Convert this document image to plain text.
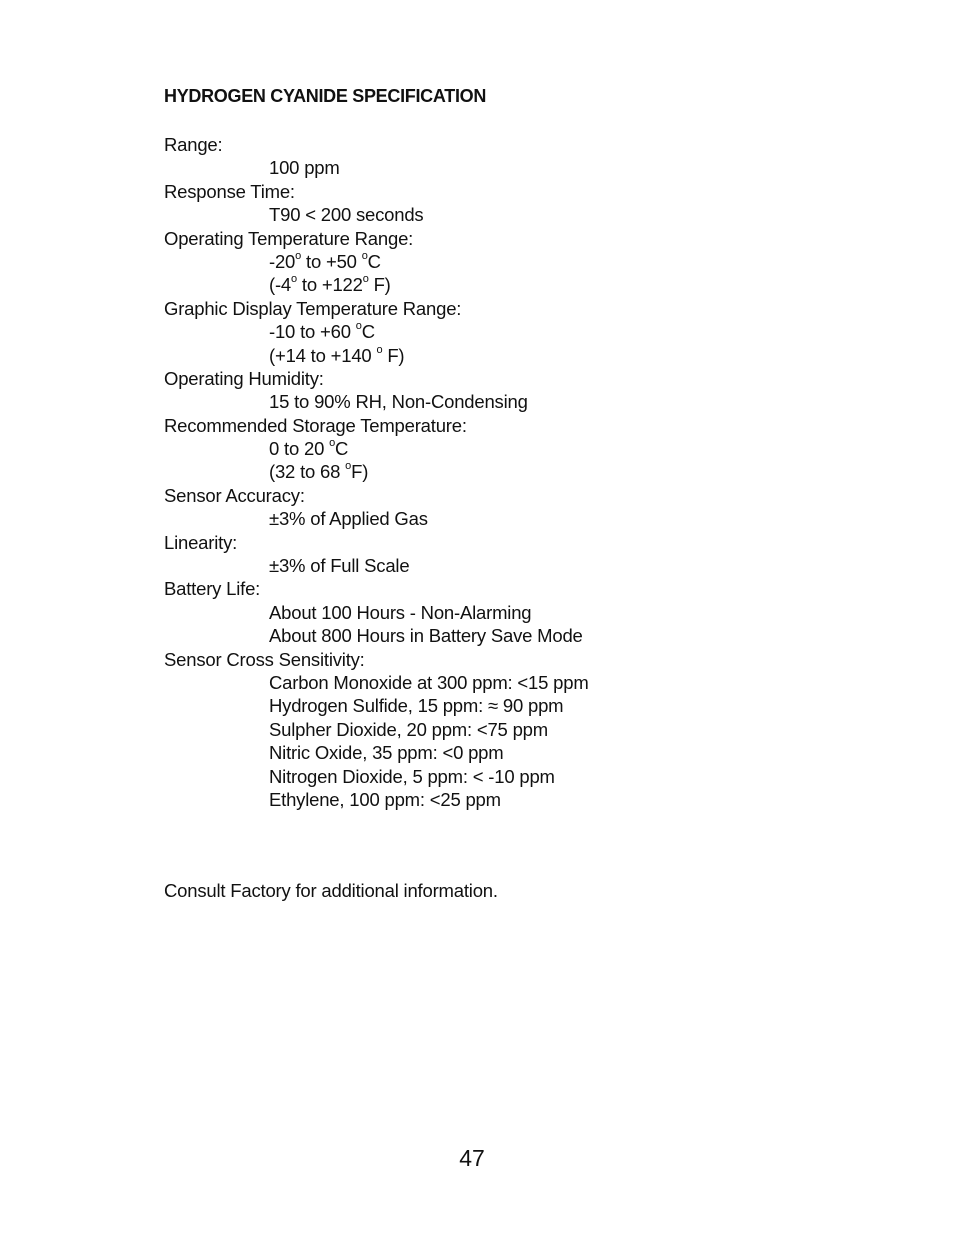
HYDROGEN CYANIDE SPECIFICATION
Range:
100 ppm
Response Time:
T90 < 200 seconds
Operating Temperature Range:
-20$^o$ to +50 $^o$C
(-4$^o$ to $+122^o$ F)
Graphic Display Temperature Range:
-10 to +60 $^o$C
(+14 to +140 $^o$ F)
Operating Humidity:
15 to 90% RH, Non-Condensing
Recommended Storage Temperature:
0 to 20 $^o$C
(32 to 68 $^o$F)
Sensor Accuracy:
±3% of Applied Gas
Linearity:
±3% of Full Scale
Battery Life:
About 100 Hours - Non-Alarming
About 800 Hours in Battery Save Mode
Sensor Cross Sensitivity:
Carbon Monoxide at 300 ppm: <15 ppm
Hydrogen Sulfide, 15 ppm: ≈ 90 ppm
Sulpher Dioxide, 20 ppm: <75 ppm
Nitric Oxide, 35 ppm: <0 ppm
Nitrogen Dioxide, 5 ppm: < -10 ppm
Ethylene, 100 ppm: <25 ppm
Consult Factory for additional information.
47
